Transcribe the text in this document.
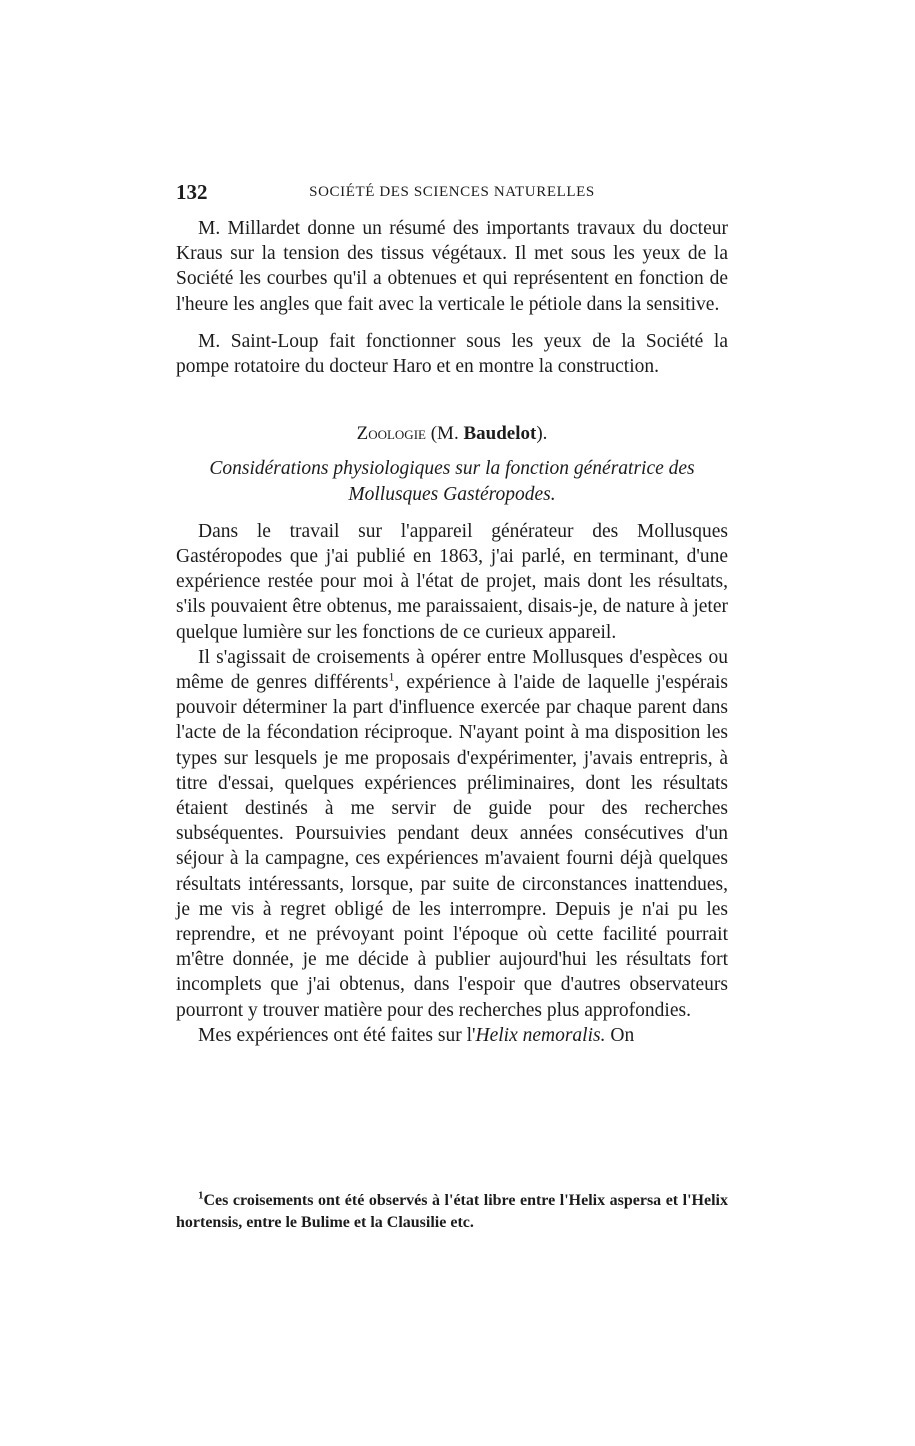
132	SOCIÉTÉ DES SCIENCES NATURELLES

M. Millardet donne un résumé des importants travaux du docteur Kraus sur la tension des tissus végétaux. Il met sous les yeux de la Société les courbes qu'il a obtenues et qui représentent en fonction de l'heure les angles que fait avec la verticale le pétiole dans la sensitive.

M. Saint-Loup fait fonctionner sous les yeux de la Société la pompe rotatoire du docteur Haro et en montre la construction.

Zoologie (M. Baudelot).
Considérations physiologiques sur la fonction génératrice des Mollusques Gastéropodes.

Dans le travail sur l'appareil générateur des Mollusques Gastéropodes que j'ai publié en 1863, j'ai parlé, en terminant, d'une expérience restée pour moi à l'état de projet, mais dont les résultats, s'ils pouvaient être obtenus, me paraissaient, disais-je, de nature à jeter quelque lumière sur les fonctions de ce curieux appareil.

Il s'agissait de croisements à opérer entre Mollusques d'espèces ou même de genres différents$^1$, expérience à l'aide de laquelle j'espérais pouvoir déterminer la part d'influence exercée par chaque parent dans l'acte de la fécondation réciproque. N'ayant point à ma disposition les types sur lesquels je me proposais d'expérimenter, j'avais entrepris, à titre d'essai, quelques expériences préliminaires, dont les résultats étaient destinés à me servir de guide pour des recherches subséquentes. Poursuivies pendant deux années consécutives d'un séjour à la campagne, ces expériences m'avaient fourni déjà quelques résultats intéressants, lorsque, par suite de circonstances inattendues, je me vis à regret obligé de les interrompre. Depuis je n'ai pu les reprendre, et ne prévoyant point l'époque où cette facilité pourrait m'être donnée, je me décide à publier aujourd'hui les résultats fort incomplets que j'ai obtenus, dans l'espoir que d'autres observateurs pourront y trouver matière pour des recherches plus approfondies.

Mes expériences ont été faites sur l'Helix nemoralis. On

$^1$Ces croisements ont été observés à l'état libre entre l'Helix aspersa et l'Helix hortensis, entre le Bulime et la Clausilie etc.
